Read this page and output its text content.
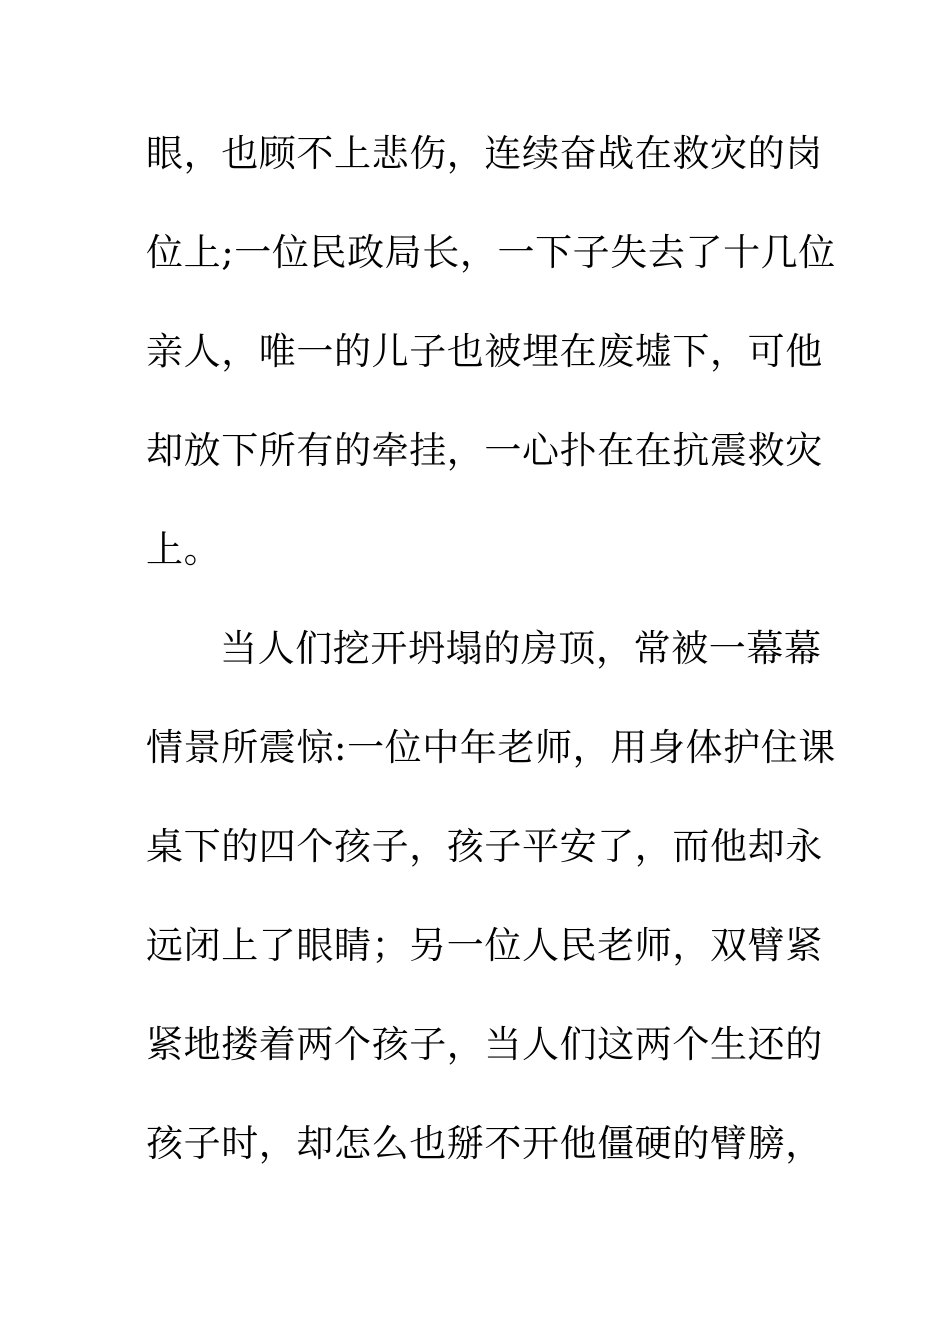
眼，也顾不上悲伤，连续奋战在救灾的岗
位上;一位民政局长，一下子失去了十几位
亲人，唯一的儿子也被埋在废墟下，可他
却放下所有的牵挂，一心扑在在抗震救灾
上。
当人们挖开坍塌的房顶，常被一幕幕
情景所震惊:一位中年老师，用身体护住课
桌下的四个孩子，孩子平安了，而他却永
远闭上了眼睛；另一位人民老师，双臂紧
紧地搂着两个孩子，当人们这两个生还的
孩子时，却怎么也掰不开他僵硬的臂膀，
